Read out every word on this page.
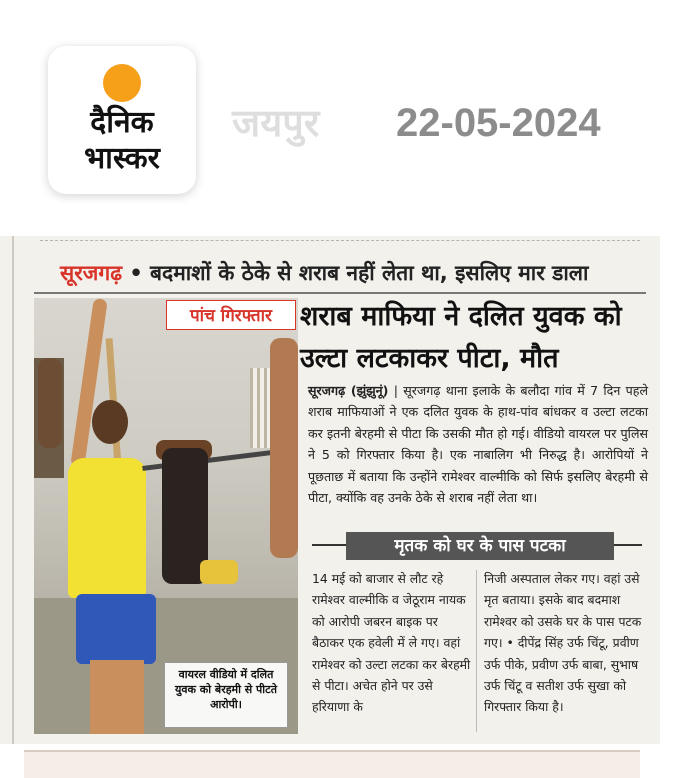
दैनिक
भास्कर
जयपुर 22-05-2024
सूरजगढ़ • बदमाशों के ठेके से शराब नहीं लेता था, इसलिए मार डाला
वायरल वीडियो में दलित युवक को बेरहमी से पीटते आरोपी।
पांच गिरफ्तार	शराब माफिया ने दलित युवक को उल्टा लटकाकर पीटा, मौत
सूरजगढ़ (झुंझुनूं) | सूरजगढ़ थाना इलाके के बलौदा गांव में 7 दिन पहले शराब माफियाओं ने एक दलित युवक के हाथ-पांव बांधकर व उल्टा लटका कर इतनी बेरहमी से पीटा कि उसकी मौत हो गई। वीडियो वायरल पर पुलिस ने 5 को गिरफ्तार किया है। एक नाबालिग भी निरुद्ध है। आरोपियों ने पूछताछ में बताया कि उन्होंने रामेश्वर वाल्मीकि को सिर्फ इसलिए बेरहमी से पीटा, क्योंकि वह उनके ठेके से शराब नहीं लेता था।
मृतक को घर के पास पटका
14 मई को बाजार से लौट रहे रामेश्वर वाल्मीकि व जेठूराम नायक को आरोपी जबरन बाइक पर बैठाकर एक हवेली में ले गए। वहां रामेश्वर को उल्टा लटका कर बेरहमी से पीटा। अचेत होने पर उसे हरियाणा के
निजी अस्पताल लेकर गए। वहां उसे मृत बताया। इसके बाद बदमाश रामेश्वर को उसके घर के पास पटक गए। • दीपेंद्र सिंह उर्फ चिंटू, प्रवीण उर्फ पीके, प्रवीण उर्फ बाबा, सुभाष उर्फ चिंटू व सतीश उर्फ सुखा को गिरफ्तार किया है।
